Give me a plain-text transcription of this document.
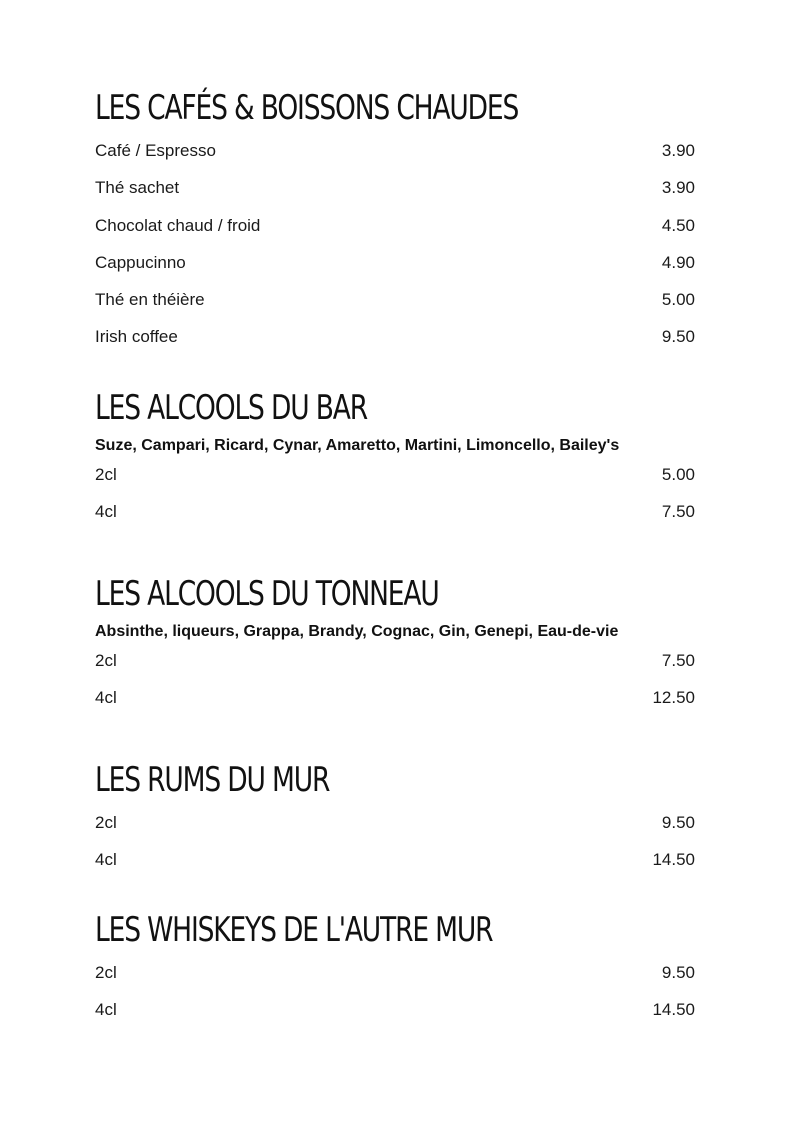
LES CAFÉS & BOISSONS CHAUDES
Café / Espresso	3.90
Thé sachet	3.90
Chocolat chaud / froid	4.50
Cappucinno	4.90
Thé en théière	5.00
Irish coffee	9.50
LES ALCOOLS DU BAR
Suze, Campari, Ricard, Cynar, Amaretto, Martini, Limoncello, Bailey's
2cl	5.00
4cl	7.50
LES ALCOOLS DU TONNEAU
Absinthe, liqueurs, Grappa, Brandy, Cognac, Gin, Genepi, Eau-de-vie
2cl	7.50
4cl	12.50
LES RUMS DU MUR
2cl	9.50
4cl	14.50
LES WHISKEYS DE L'AUTRE MUR
2cl	9.50
4cl	14.50
